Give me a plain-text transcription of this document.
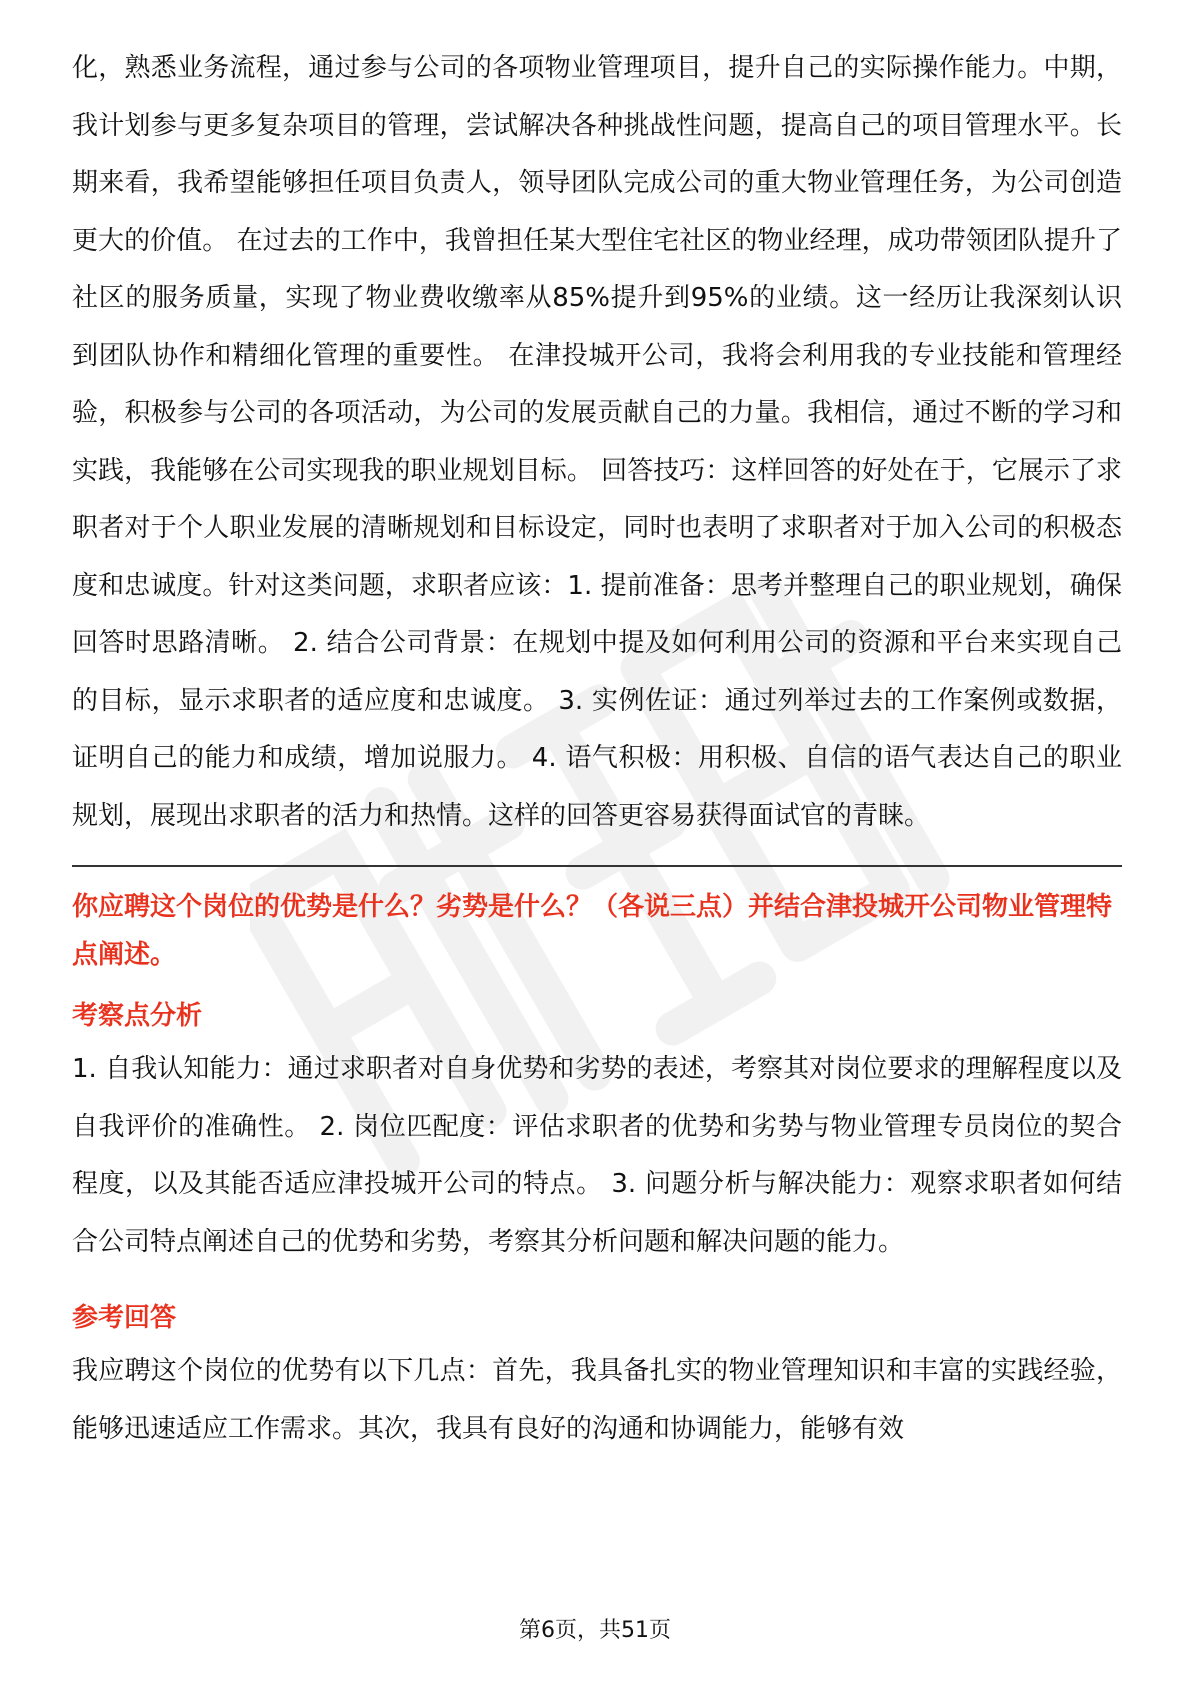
化，熟悉业务流程，通过参与公司的各项物业管理项目，提升自己的实际操作能力。中期，我计划参与更多复杂项目的管理，尝试解决各种挑战性问题，提高自己的项目管理水平。长期来看，我希望能够担任项目负责人，领导团队完成公司的重大物业管理任务，为公司创造更大的价值。 在过去的工作中，我曾担任某大型住宅社区的物业经理，成功带领团队提升了社区的服务质量，实现了物业费收缴率从85%提升到95%的业绩。这一经历让我深刻认识到团队协作和精细化管理的重要性。 在津投城开公司，我将会利用我的专业技能和管理经验，积极参与公司的各项活动，为公司的发展贡献自己的力量。我相信，通过不断的学习和实践，我能够在公司实现我的职业规划目标。 回答技巧：这样回答的好处在于，它展示了求职者对于个人职业发展的清晰规划和目标设定，同时也表明了求职者对于加入公司的积极态度和忠诚度。针对这类问题，求职者应该：1. 提前准备：思考并整理自己的职业规划，确保回答时思路清晰。 2. 结合公司背景：在规划中提及如何利用公司的资源和平台来实现自己的目标，显示求职者的适应度和忠诚度。 3. 实例佐证：通过列举过去的工作案例或数据，证明自己的能力和成绩，增加说服力。 4. 语气积极：用积极、自信的语气表达自己的职业规划，展现出求职者的活力和热情。这样的回答更容易获得面试官的青睐。

你应聘这个岗位的优势是什么？劣势是什么？（各说三点）并结合津投城开公司物业管理特点阐述。
考察点分析

1. 自我认知能力：通过求职者对自身优势和劣势的表述，考察其对岗位要求的理解程度以及自我评价的准确性。 2. 岗位匹配度：评估求职者的优势和劣势与物业管理专员岗位的契合程度，以及其能否适应津投城开公司的特点。 3. 问题分析与解决能力：观察求职者如何结合公司特点阐述自己的优势和劣势，考察其分析问题和解决问题的能力。

参考回答

我应聘这个岗位的优势有以下几点：首先，我具备扎实的物业管理知识和丰富的实践经验，能够迅速适应工作需求。其次，我具有良好的沟通和协调能力，能够有效

第6页，共51页
